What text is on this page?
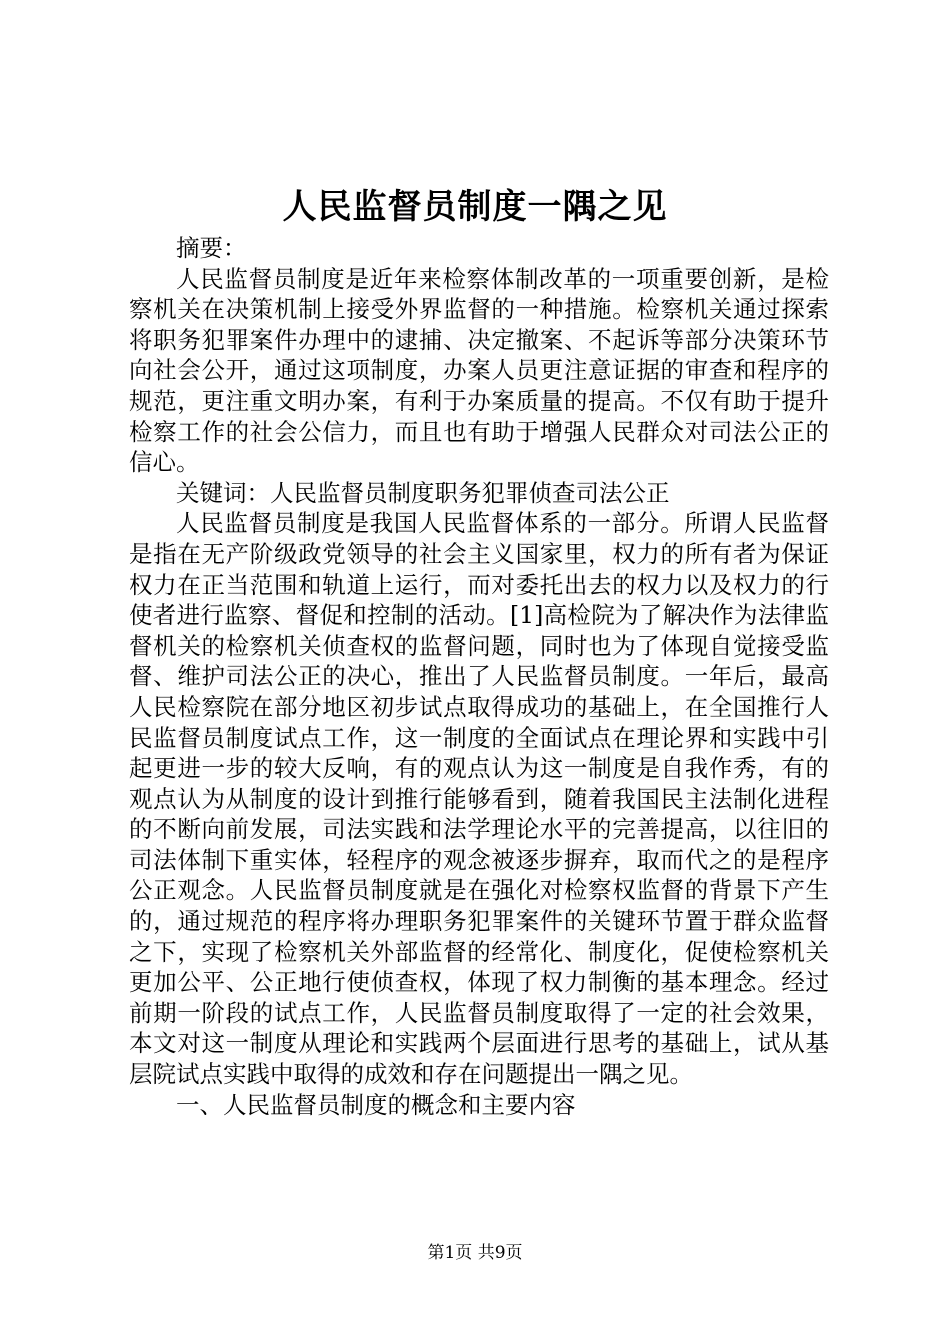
人民监督员制度一隅之见

摘要：

人民监督员制度是近年来检察体制改革的一项重要创新，是检察机关在决策机制上接受外界监督的一种措施。检察机关通过探索将职务犯罪案件办理中的逮捕、决定撤案、不起诉等部分决策环节向社会公开，通过这项制度，办案人员更注意证据的审查和程序的规范，更注重文明办案，有利于办案质量的提高。不仅有助于提升检察工作的社会公信力，而且也有助于增强人民群众对司法公正的信心。

关键词：人民监督员制度职务犯罪侦查司法公正

人民监督员制度是我国人民监督体系的一部分。所谓人民监督是指在无产阶级政党领导的社会主义国家里，权力的所有者为保证权力在正当范围和轨道上运行，而对委托出去的权力以及权力的行使者进行监察、督促和控制的活动。[1]高检院为了解决作为法律监督机关的检察机关侦查权的监督问题，同时也为了体现自觉接受监督、维护司法公正的决心，推出了人民监督员制度。一年后，最高人民检察院在部分地区初步试点取得成功的基础上，在全国推行人民监督员制度试点工作，这一制度的全面试点在理论界和实践中引起更进一步的较大反响，有的观点认为这一制度是自我作秀，有的观点认为从制度的设计到推行能够看到，随着我国民主法制化进程的不断向前发展，司法实践和法学理论水平的完善提高，以往旧的司法体制下重实体，轻程序的观念被逐步摒弃，取而代之的是程序公正观念。人民监督员制度就是在强化对检察权监督的背景下产生的，通过规范的程序将办理职务犯罪案件的关键环节置于群众监督之下，实现了检察机关外部监督的经常化、制度化，促使检察机关更加公平、公正地行使侦查权，体现了权力制衡的基本理念。经过前期一阶段的试点工作，人民监督员制度取得了一定的社会效果，本文对这一制度从理论和实践两个层面进行思考的基础上，试从基层院试点实践中取得的成效和存在问题提出一隅之见。

一、人民监督员制度的概念和主要内容

第1页 共9页
